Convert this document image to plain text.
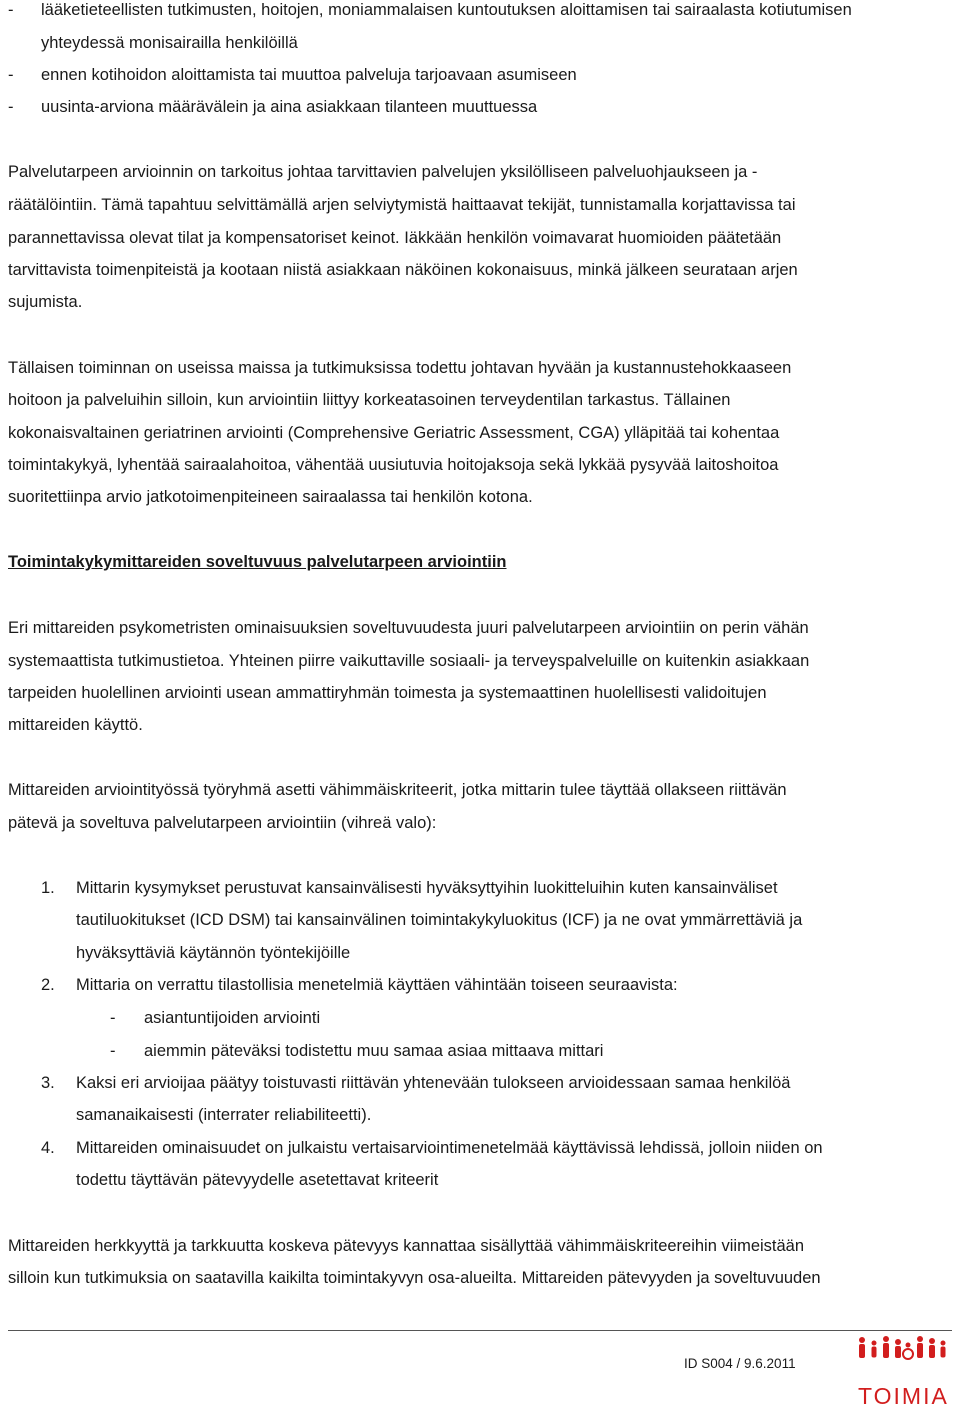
- lääketieteellisten tutkimusten, hoitojen, moniammalaisen kuntoutuksen aloittamisen tai sairaalasta kotiutumisen
yhteydessä monisairailla henkilöillä
- ennen kotihoidon aloittamista tai muuttoa palveluja tarjoavaan asumiseen
- uusinta-arviona määrävälein ja aina asiakkaan tilanteen muuttuessa
Palvelutarpeen arvioinnin on tarkoitus johtaa tarvittavien palvelujen yksilölliseen palveluohjaukseen ja -
räätälöintiin. Tämä tapahtuu selvittämällä arjen selviytymistä haittaavat tekijät, tunnistamalla korjattavissa tai
parannettavissa olevat tilat ja kompensatoriset keinot. Iäkkään henkilön voimavarat huomioiden päätetään
tarvittavista toimenpiteistä ja kootaan niistä asiakkaan näköinen kokonaisuus, minkä jälkeen seurataan arjen
sujumista.
Tällaisen toiminnan on useissa maissa ja tutkimuksissa todettu johtavan hyvään ja kustannustehokkaaseen
hoitoon ja palveluihin silloin, kun arviointiin liittyy korkeatasoinen terveydentilan tarkastus. Tällainen
kokonaisvaltainen geriatrinen arviointi (Comprehensive Geriatric Assessment, CGA) ylläpitää tai kohentaa
toimintakykyä, lyhentää sairaalahoitoa, vähentää uusiutuvia hoitojaksoja sekä lykkää pysyvää laitoshoitoa
suoritettiinpa arvio jatkotoimenpiteineen sairaalassa tai henkilön kotona.
Toimintakykymittareiden soveltuvuus palvelutarpeen arviointiin
Eri mittareiden psykometristen ominaisuuksien soveltuvuudesta juuri palvelutarpeen arviointiin on perin vähän
systemaattista tutkimustietoa. Yhteinen piirre vaikuttaville sosiaali- ja terveyspalveluille on kuitenkin asiakkaan
tarpeiden huolellinen arviointi usean ammattiryhmän toimesta ja systemaattinen huolellisesti validoitujen
mittareiden käyttö.
Mittareiden arviointityössä työryhmä asetti vähimmäiskriteerit, jotka mittarin tulee täyttää ollakseen riittävän
pätevä ja soveltuva palvelutarpeen arviointiin (vihreä valo):
1. Mittarin kysymykset perustuvat kansainvälisesti hyväksyttyihin luokitteluihin kuten kansainväliset
tautiluokitukset (ICD DSM) tai kansainvälinen toimintakykyluokitus (ICF) ja ne ovat ymmärrettäviä ja
hyväksyttäviä käytännön työntekijöille
2. Mittaria on verrattu tilastollisia menetelmiä käyttäen vähintään toiseen seuraavista:
- asiantuntijoiden arviointi
- aiemmin päteväksi todistettu muu samaa asiaa mittaava mittari
3. Kaksi eri arvioijaa päätyy toistuvasti riittävän yhtenevään tulokseen arvioidessaan samaa henkilöä
samanaikaisesti (interrater reliabiliteetti).
4. Mittareiden ominaisuudet on julkaistu vertaisarviointimenetelmää käyttävissä lehdissä, jolloin niiden on
todettu täyttävän pätevyydelle asetettavat kriteerit
Mittareiden herkkyyttä ja tarkkuutta koskeva pätevyys kannattaa sisällyttää vähimmäiskriteereihin viimeistään
silloin kun tutkimuksia on saatavilla kaikilta toimintakyvyn osa-alueilta. Mittareiden pätevyyden ja soveltuvuuden
ID S004 / 9.6.2011
TOIMIA
